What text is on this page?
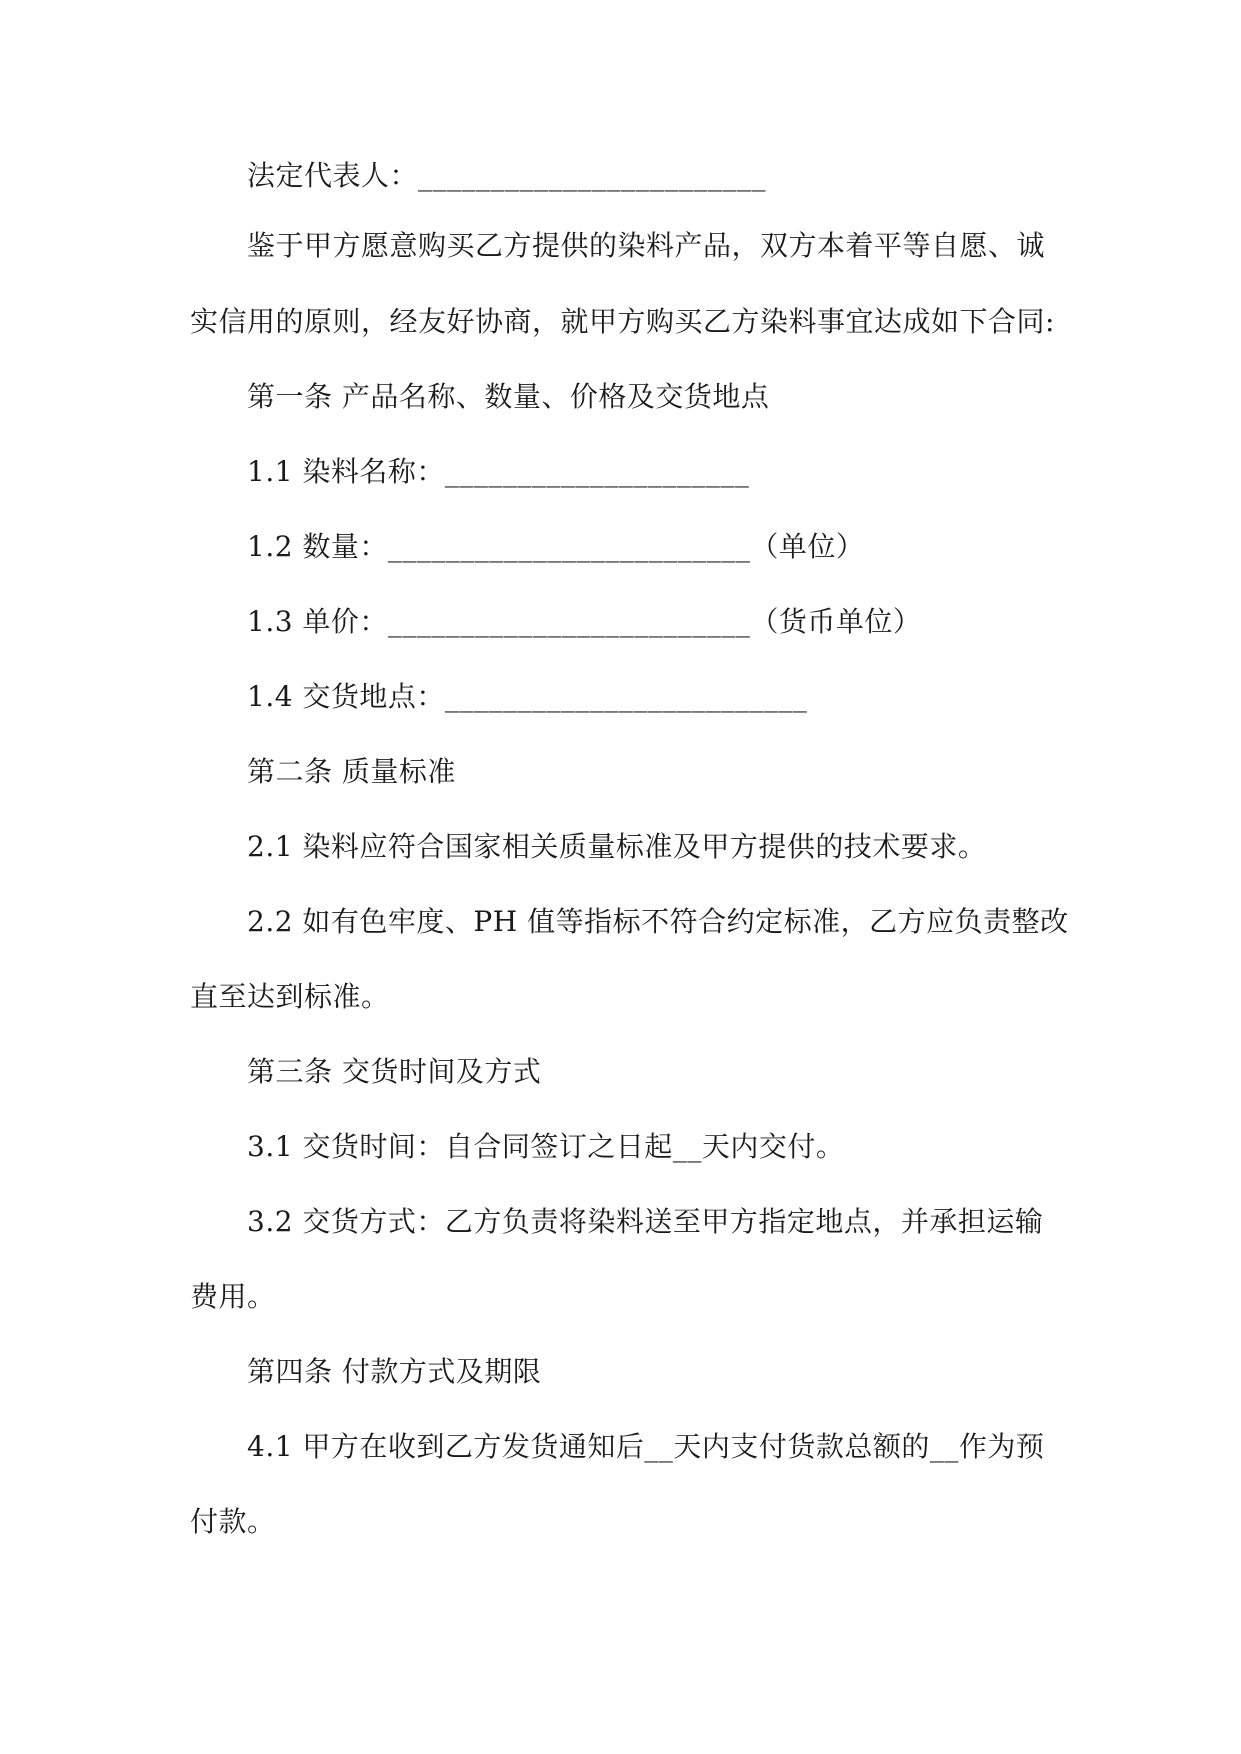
法定代表人：________________________
鉴于甲方愿意购买乙方提供的染料产品，双方本着平等自愿、诚
实信用的原则，经友好协商，就甲方购买乙方染料事宜达成如下合同:
第一条 产品名称、数量、价格及交货地点
1.1 染料名称：_____________________
1.2 数量：_________________________（单位）
1.3 单价：_________________________（货币单位）
1.4 交货地点：_________________________
第二条 质量标准
2.1 染料应符合国家相关质量标准及甲方提供的技术要求。
2.2 如有色牢度、PH 值等指标不符合约定标准，乙方应负责整改
直至达到标准。
第三条 交货时间及方式
3.1 交货时间：自合同签订之日起__天内交付。
3.2 交货方式：乙方负责将染料送至甲方指定地点，并承担运输
费用。
第四条 付款方式及期限
4.1 甲方在收到乙方发货通知后__天内支付货款总额的__作为预
付款。
